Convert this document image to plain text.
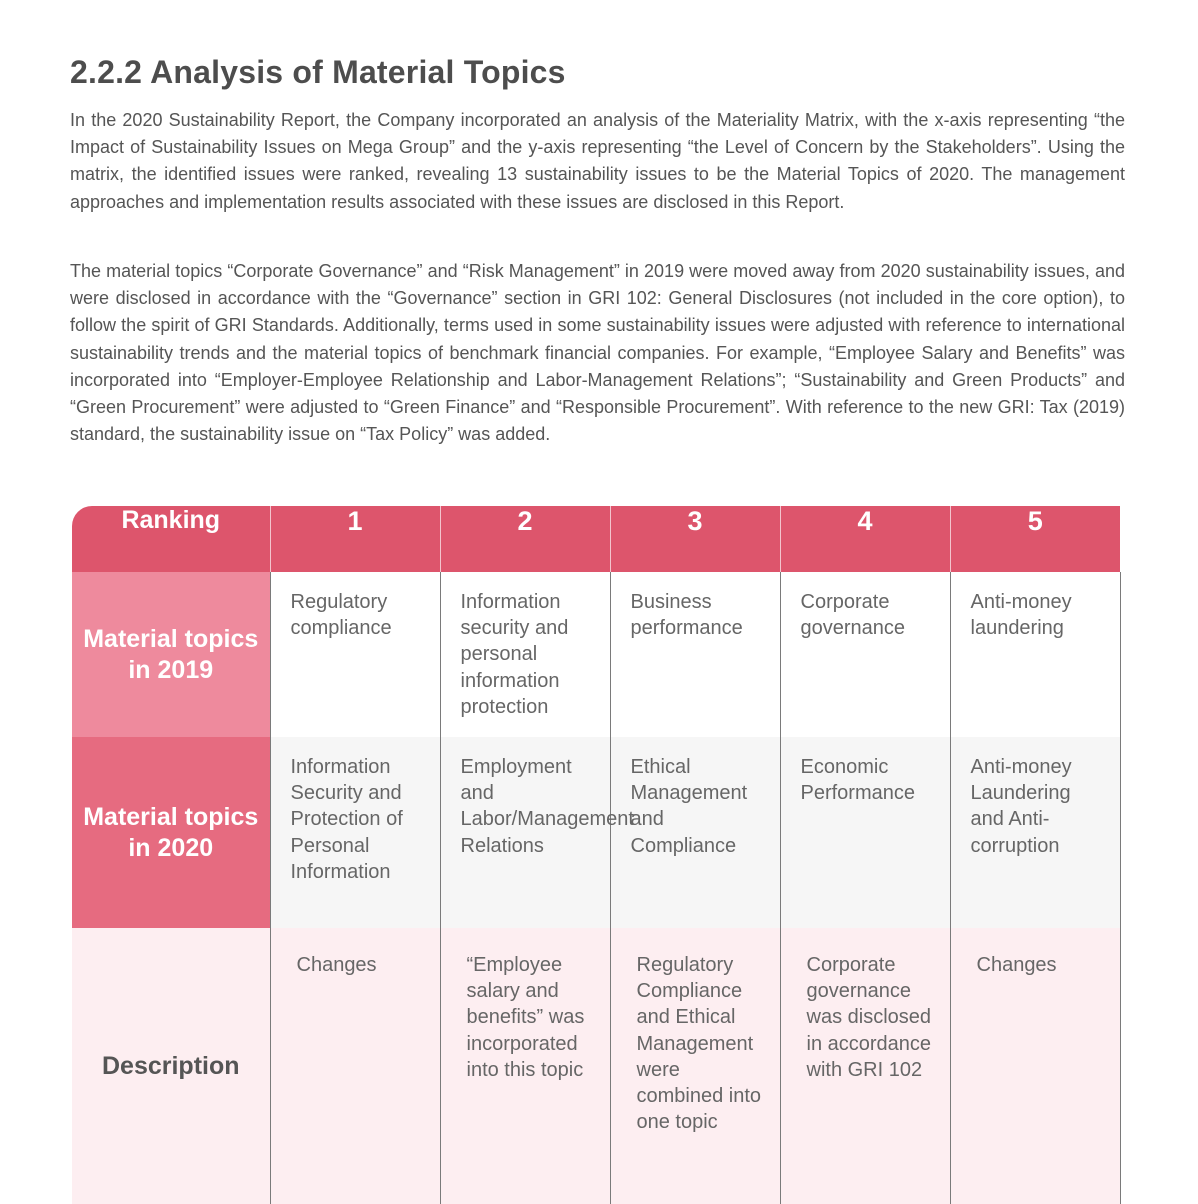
2.2.2 Analysis of Material Topics

In the 2020 Sustainability Report, the Company incorporated an analysis of the Materiality Matrix, with the x-axis representing “the Impact of Sustainability Issues on Mega Group” and the y-axis representing “the Level of Concern by the Stakeholders”. Using the matrix, the identified issues were ranked, revealing 13 sustainability issues to be the Material Topics of 2020. The management approaches and implementation results associated with these issues are disclosed in this Report.

The material topics “Corporate Governance” and “Risk Management” in 2019 were moved away from 2020 sustainability issues, and were disclosed in accordance with the “Governance” section in GRI 102: General Disclosures (not included in the core option), to follow the spirit of GRI Standards. Additionally, terms used in some sustainability issues were adjusted with reference to international sustainability trends and the material topics of benchmark financial companies. For example, “Employee Salary and Benefits” was incorporated into “Employer-Employee Relationship and Labor-Management Relations”; “Sustainability and Green Products” and “Green Procurement” were adjusted to “Green Finance” and “Responsible Procurement”. With reference to the new GRI: Tax (2019) standard, the sustainability issue on “Tax Policy” was added.

Ranking	1	2	3	4	5
Material topics in 2019	Regulatory compliance	Information security and personal information protection	Business performance	Corporate governance	Anti-money laundering
Material topics in 2020	Information Security and Protection of Personal Information	Employment and Labor/Management Relations	Ethical Management and Compliance	Economic Performance	Anti-money Laundering and Anti-corruption
Description	Changes	“Employee salary and benefits” was incorporated into this topic	Regulatory Compliance and Ethical Management were combined into one topic	Corporate governance was disclosed in accordance with GRI 102	Changes
